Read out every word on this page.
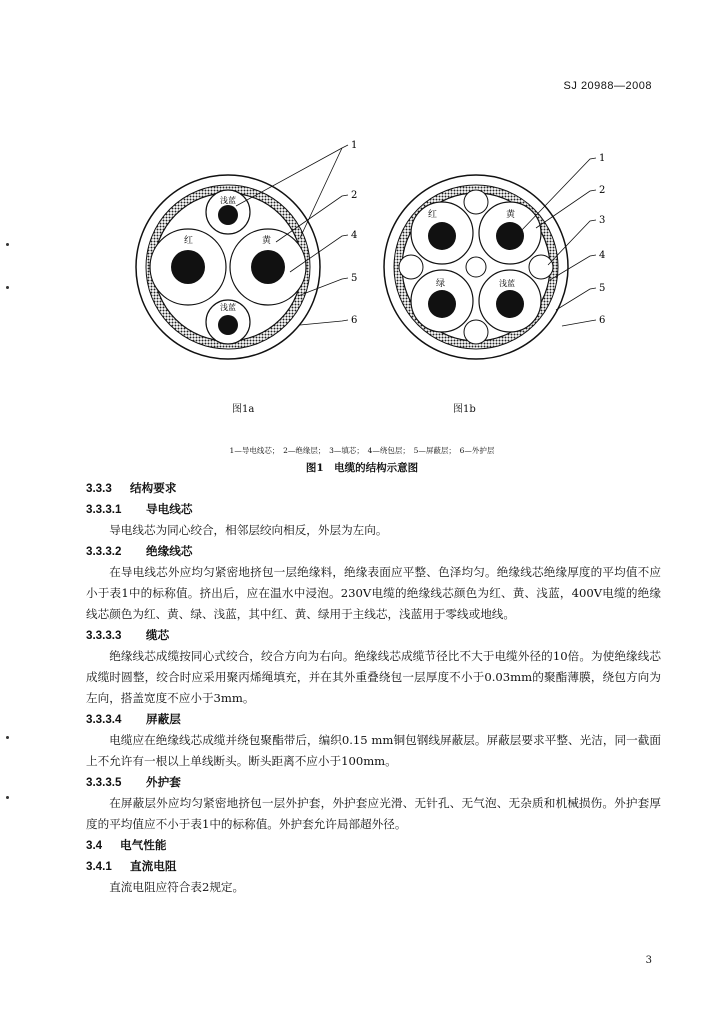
SJ 20988—2008
浅蓝
红	黄
浅蓝
1
2
4
5
6
红	黄
绿	浅蓝
1
2
3
4
5
6
图1a	图1b
1—导电线芯；　2—绝缘层；　3—填芯；　4—绕包层；　5—屏蔽层；　6—外护层
图1　电缆的结构示意图
3.3.3 结构要求
3.3.3.1 导电线芯
导电线芯为同心绞合，相邻层绞向相反，外层为左向。
3.3.3.2 绝缘线芯
在导电线芯外应均匀紧密地挤包一层绝缘料，绝缘表面应平整、色泽均匀。绝缘线芯绝缘厚度的平均值不应小于表1中的标称值。挤出后，应在温水中浸泡。230V电缆的绝缘线芯颜色为红、黄、浅蓝，400V电缆的绝缘线芯颜色为红、黄、绿、浅蓝，其中红、黄、绿用于主线芯，浅蓝用于零线或地线。
3.3.3.3 缆芯
绝缘线芯成缆按同心式绞合，绞合方向为右向。绝缘线芯成缆节径比不大于电缆外径的10倍。为使绝缘线芯成缆时圆整，绞合时应采用聚丙烯绳填充，并在其外重叠绕包一层厚度不小于0.03mm的聚酯薄膜，绕包方向为左向，搭盖宽度不应小于3mm。
3.3.3.4 屏蔽层
电缆应在绝缘线芯成缆并绕包聚酯带后，编织0.15 mm铜包钢线屏蔽层。屏蔽层要求平整、光洁，同一截面上不允许有一根以上单线断头。断头距离不应小于100mm。
3.3.3.5 外护套
在屏蔽层外应均匀紧密地挤包一层外护套，外护套应光滑、无针孔、无气泡、无杂质和机械损伤。外护套厚度的平均值应不小于表1中的标称值。外护套允许局部超外径。
3.4 电气性能
3.4.1 直流电阻
直流电阻应符合表2规定。
3
